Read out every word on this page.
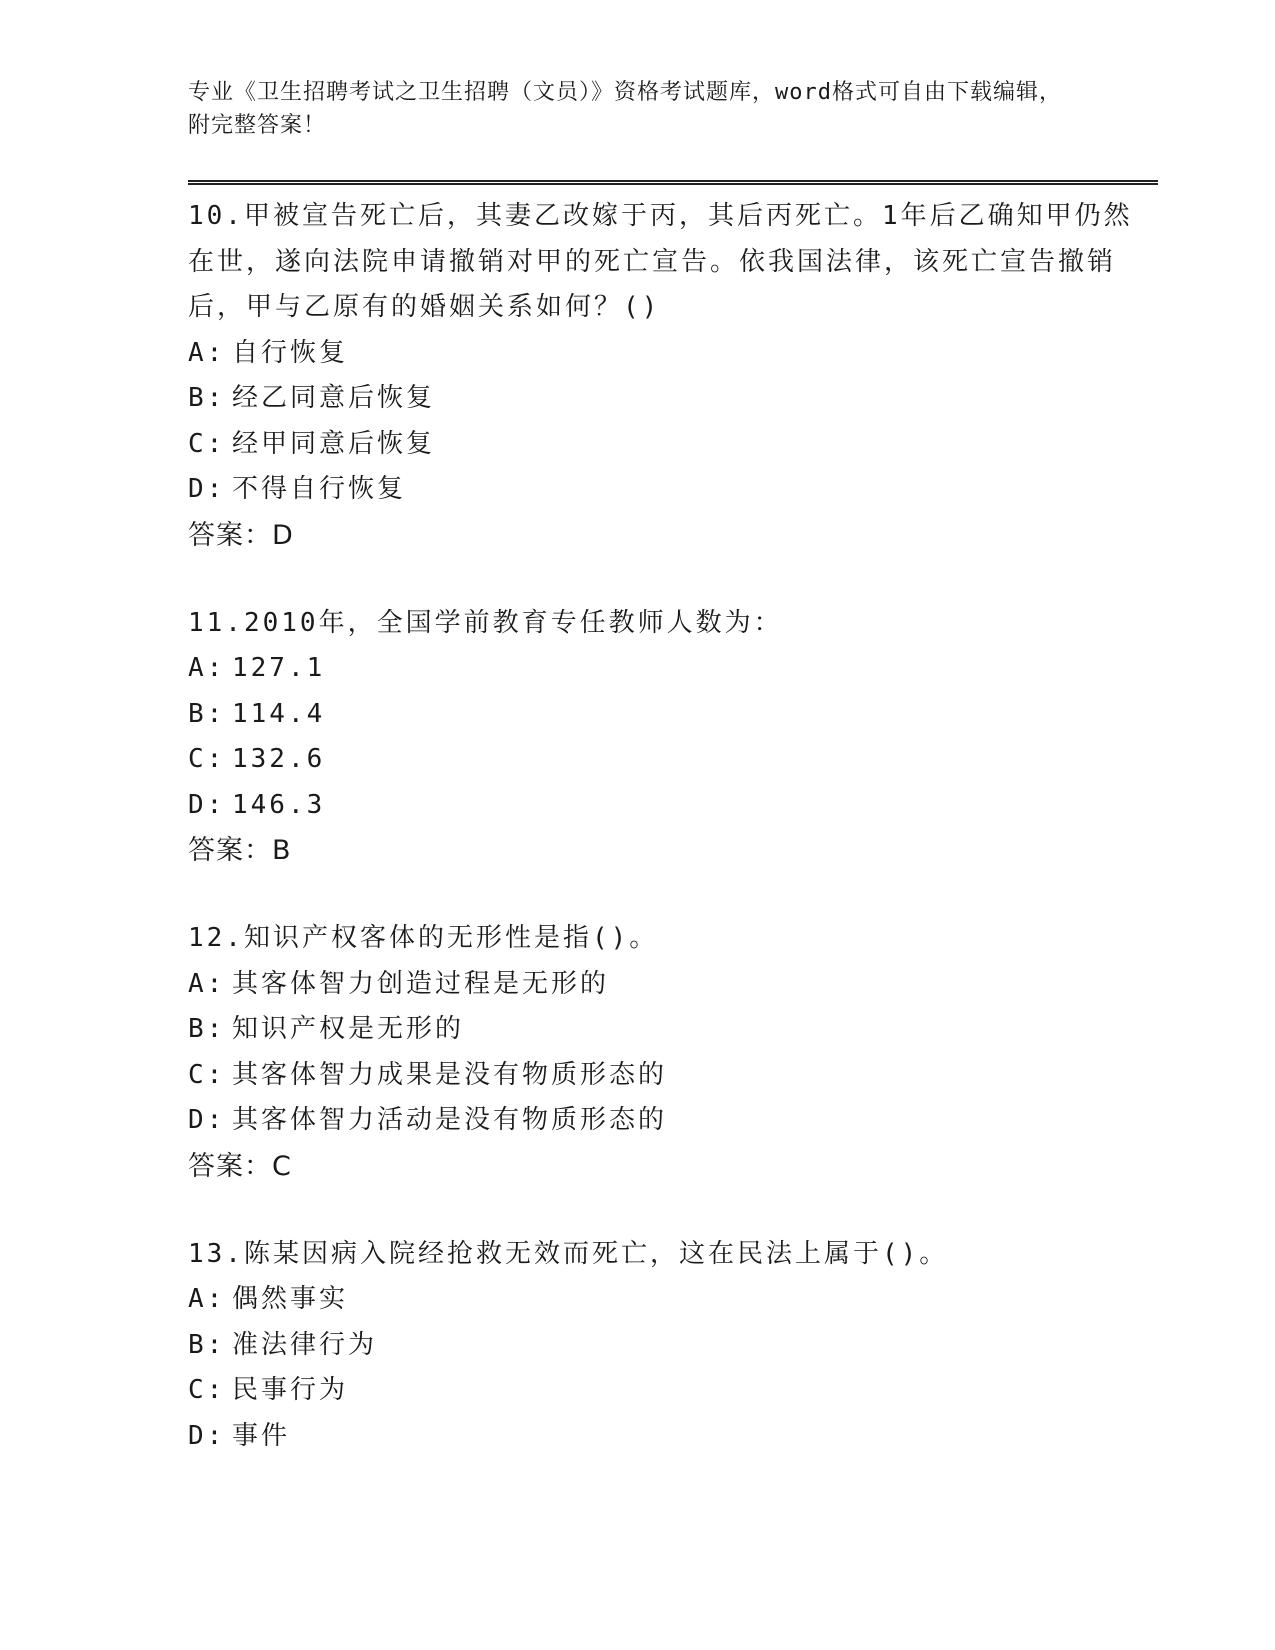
专业《卫生招聘考试之卫生招聘（文员）》资格考试题库，word格式可自由下载编辑，附完整答案！

10.甲被宣告死亡后，其妻乙改嫁于丙，其后丙死亡。1年后乙确知甲仍然在世，遂向法院申请撤销对甲的死亡宣告。依我国法律，该死亡宣告撤销后，甲与乙原有的婚姻关系如何？()

A: 自行恢复

B: 经乙同意后恢复

C: 经甲同意后恢复

D: 不得自行恢复

答案：D

11.2010年，全国学前教育专任教师人数为：

A: 127.1

B: 114.4

C: 132.6

D: 146.3

答案：B

12.知识产权客体的无形性是指()。

A: 其客体智力创造过程是无形的

B: 知识产权是无形的

C: 其客体智力成果是没有物质形态的

D: 其客体智力活动是没有物质形态的

答案：C

13.陈某因病入院经抢救无效而死亡，这在民法上属于()。

A: 偶然事实

B: 准法律行为

C: 民事行为

D: 事件
